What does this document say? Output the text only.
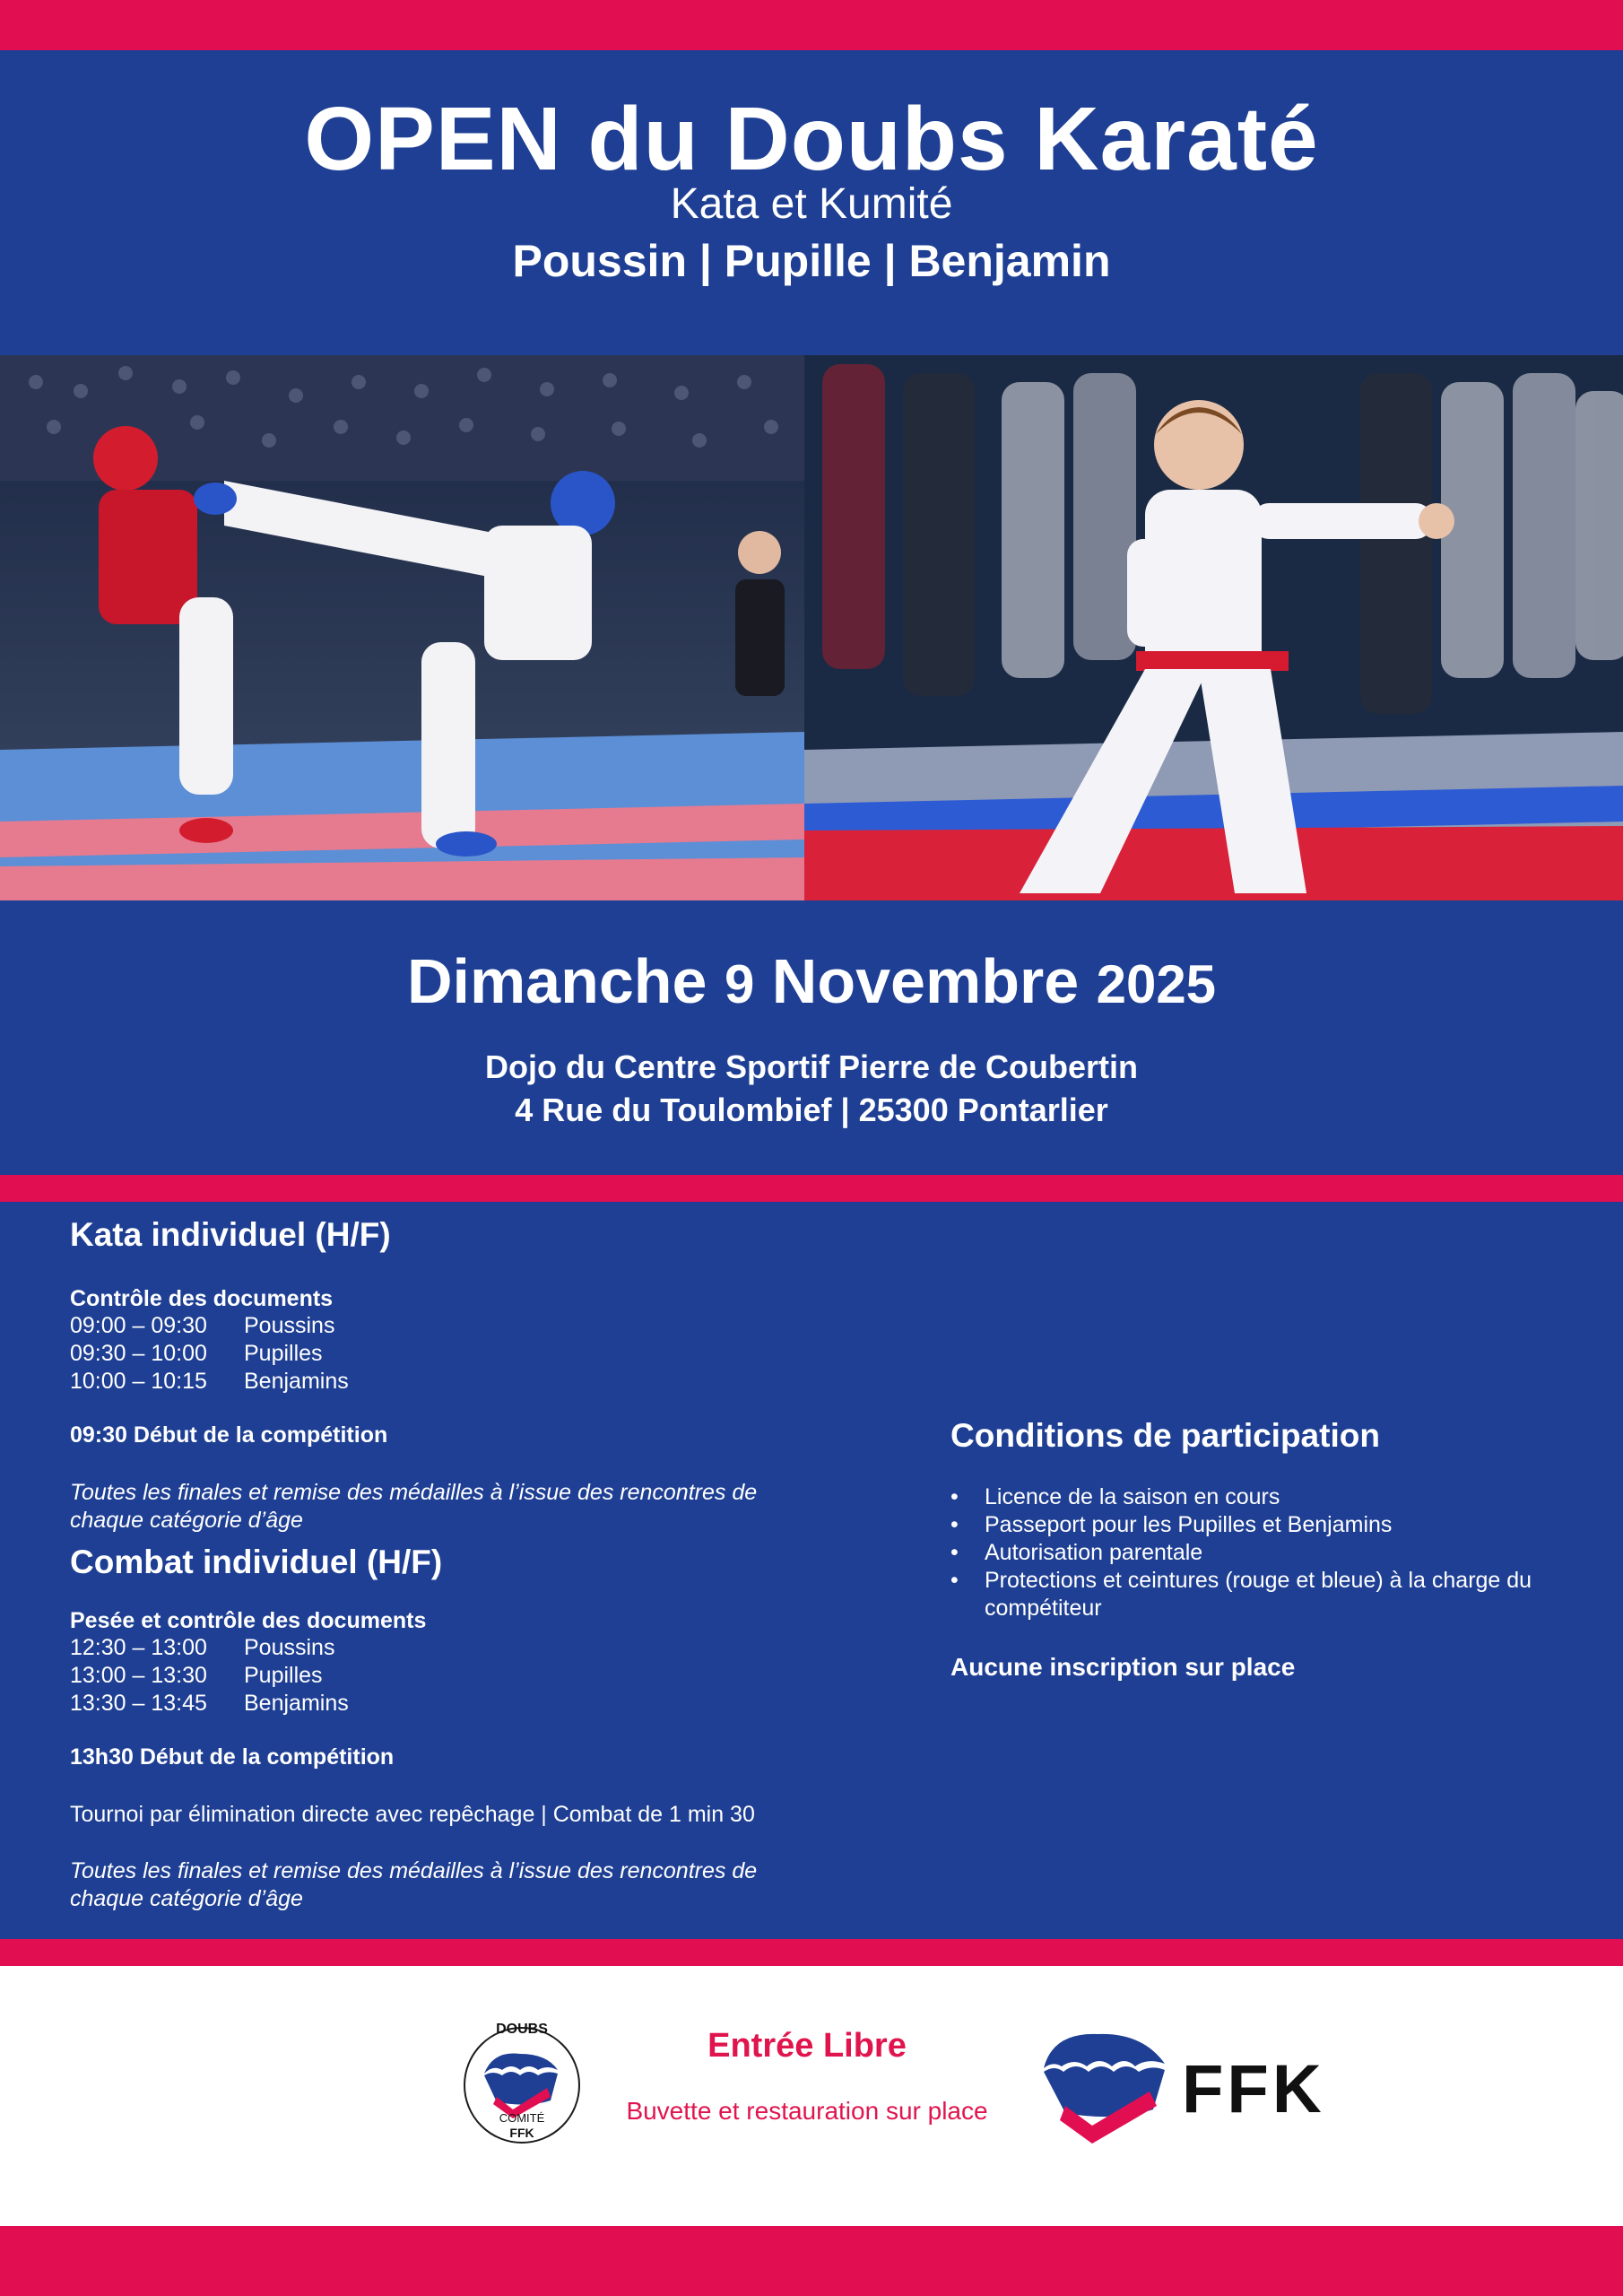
OPEN du Doubs Karaté
Kata et Kumité
Poussin | Pupille | Benjamin
Dimanche 9 Novembre 2025
Dojo du Centre Sportif Pierre de Coubertin
4 Rue du Toulombief | 25300 Pontarlier
Kata individuel (H/F)
Contrôle des documents
09:00 – 09:30 Poussins
09:30 – 10:00 Pupilles
10:00 – 10:15 Benjamins
09:30 Début de la compétition
Toutes les finales et remise des médailles à l’issue des rencontres de chaque catégorie d’âge
Combat individuel (H/F)
Pesée et contrôle des documents
12:30 – 13:00 Poussins
13:00 – 13:30 Pupilles
13:30 – 13:45 Benjamins
13h30 Début de la compétition
Tournoi par élimination directe avec repêchage | Combat de 1 min 30
Toutes les finales et remise des médailles à l’issue des rencontres de chaque catégorie d’âge
Conditions de participation
• Licence de la saison en cours
• Passeport pour les Pupilles et Benjamins
• Autorisation parentale
• Protections et ceintures (rouge et bleue) à la charge du compétiteur
Aucune inscription sur place
DOUBS
COMITÉ
FFK
Entrée Libre
Buvette et restauration sur place	FFK
